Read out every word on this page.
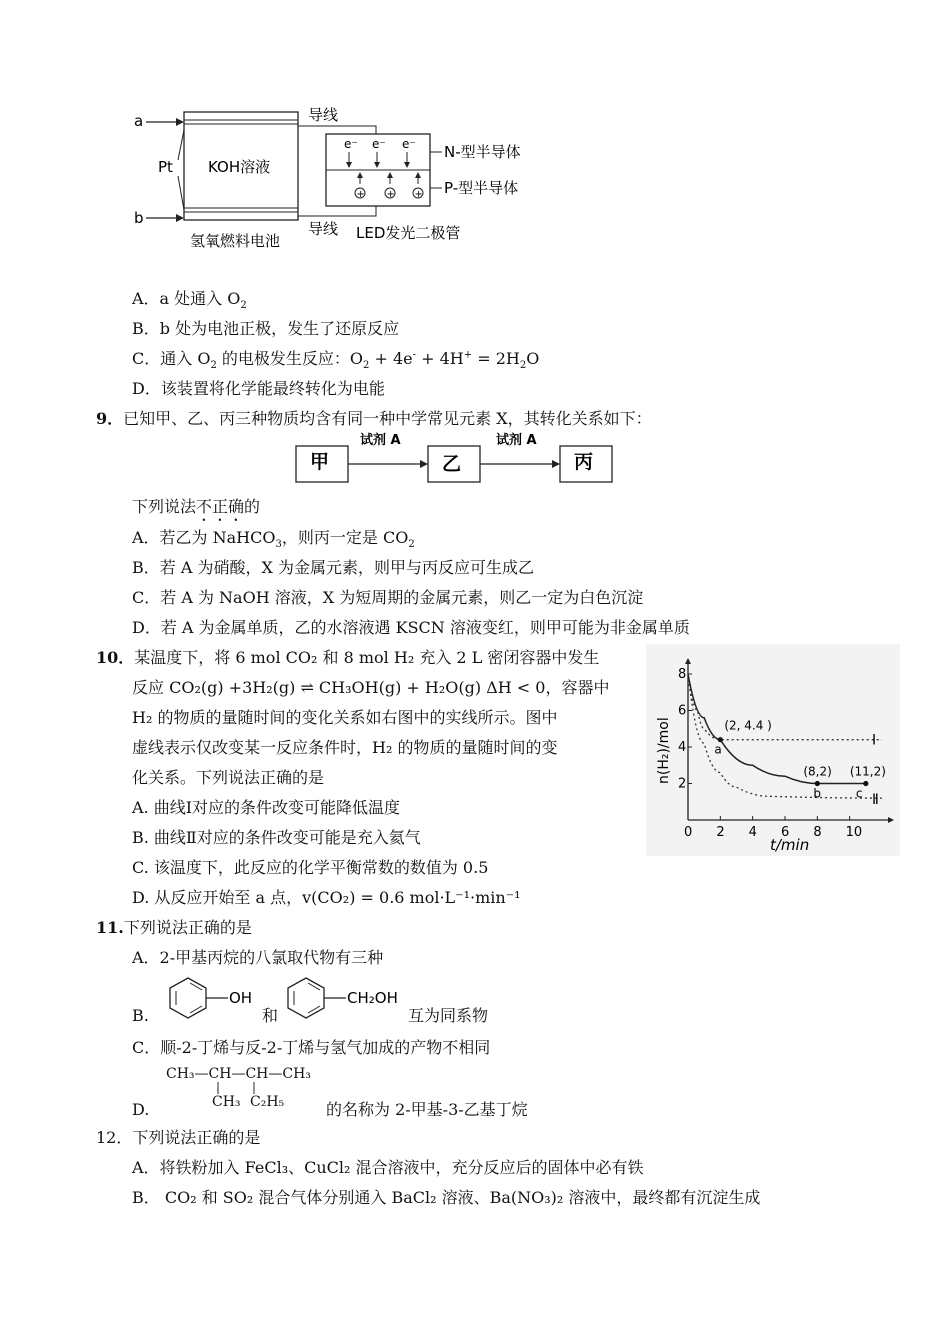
a
b
Pt KOH溶液
氢氧燃料电池
导线
导线
N-型半导体
P-型半导体
LED发光二极管
e⁻ e⁻ e⁻
+ + +
A．a 处通入 $O_2$
B．b 处为电池正极，发生了还原反应
C．通入 $O_2$ 的电极发生反应：$O_2 + 4e^- + 4H^+ = 2H_2O$
D．该装置将化学能最终转化为电能
9．已知甲、乙、丙三种物质均含有同一种中学常见元素 X，其转化关系如下：
甲	乙	丙
试剂 A	试剂 A
下列说法不正确的
A．若乙为 NaHCO$_3$，则丙一定是 $CO_2$
B．若 A 为硝酸，X 为金属元素，则甲与丙反应可生成乙
C．若 A 为 NaOH 溶液，X 为短周期的金属元素，则乙一定为白色沉淀
D．若 A 为金属单质，乙的水溶液遇 KSCN 溶液变红，则甲可能为非金属单质
10．某温度下，将 6 mol CO₂ 和 8 mol H₂ 充入 2 L 密闭容器中发生
反应 CO₂(g) +3H₂(g) ⇌ CH₃OH(g) + H₂O(g) ΔH < 0，容器中
H₂ 的物质的量随时间的变化关系如右图中的实线所示。图中
虚线表示仅改变某一反应条件时，H₂ 的物质的量随时间的变
化关系。下列说法正确的是
A. 曲线Ⅰ对应的条件改变可能降低温度
B. 曲线Ⅱ对应的条件改变可能是充入氦气
C. 该温度下，此反应的化学平衡常数的数值为 0.5
D. 从反应开始至 a 点，v(CO₂) = 0.6 mol·L⁻¹·min⁻¹
0 2 4 6 8 10
2
4
6
8
t/min
n(H₂)/mol	Ⅰ
Ⅱ
(2, 4.4 )
a
(8,2) (11,2)
b	c
11.下列说法正确的是
A．2-甲基丙烷的八氯取代物有三种
B.
OH
和
CH₂OH
互为同系物
C．顺-2-丁烯与反-2-丁烯与氢气加成的产物不相同
CH₃—CH—CH—CH₃
CH₃ C₂H₅
D.	的名称为 2-甲基-3-乙基丁烷
12．下列说法正确的是
A．将铁粉加入 FeCl₃、CuCl₂ 混合溶液中，充分反应后的固体中必有铁
B． CO₂ 和 SO₂ 混合气体分别通入 BaCl₂ 溶液、Ba(NO₃)₂ 溶液中，最终都有沉淀生成
